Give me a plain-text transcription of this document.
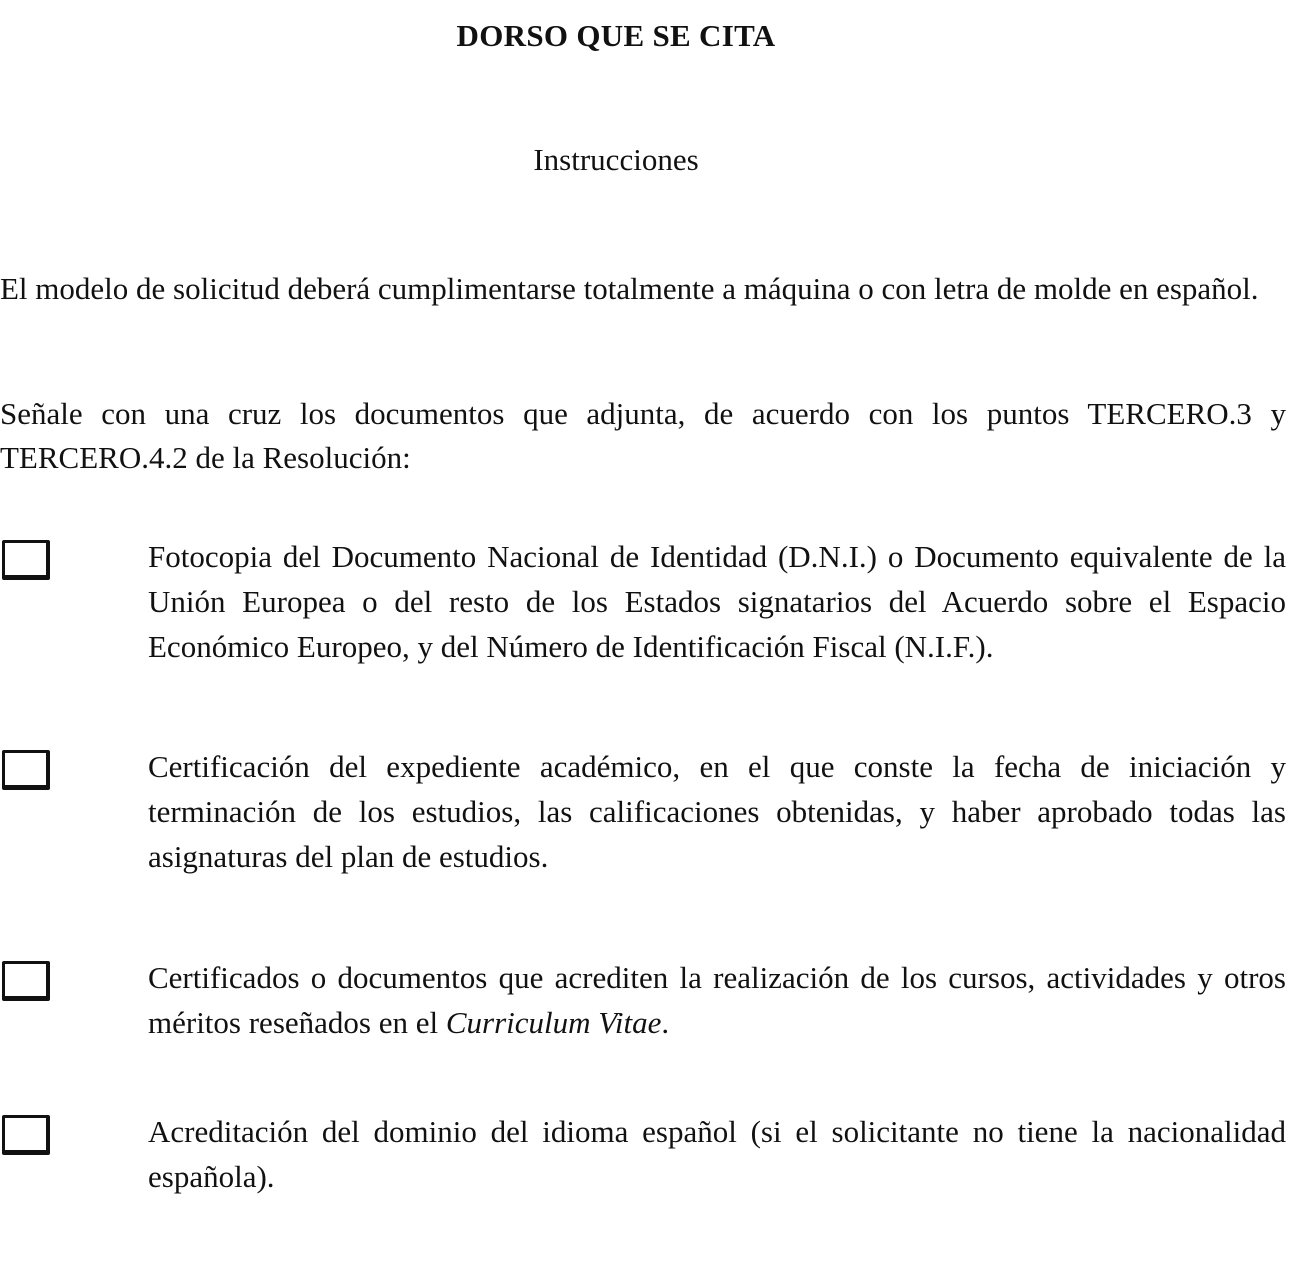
DORSO QUE SE CITA
Instrucciones
El modelo de solicitud deberá cumplimentarse totalmente a máquina o con letra de molde en español.
Señale con una cruz los documentos que adjunta, de acuerdo con los puntos TERCERO.3 y TERCERO.4.2 de la Resolución:
Fotocopia del Documento Nacional de Identidad (D.N.I.) o Documento equivalente de la Unión Europea o del resto de los Estados signatarios del Acuerdo sobre el Espacio Económico Europeo, y del Número de Identificación Fiscal (N.I.F.).
Certificación del expediente académico, en el que conste la fecha de iniciación y terminación de los estudios, las calificaciones obtenidas, y haber aprobado todas las asignaturas del plan de estudios.
Certificados o documentos que acrediten la realización de los cursos, actividades y otros méritos reseñados en el Curriculum Vitae.
Acreditación del dominio del idioma español (si el solicitante no tiene la nacionalidad española).
